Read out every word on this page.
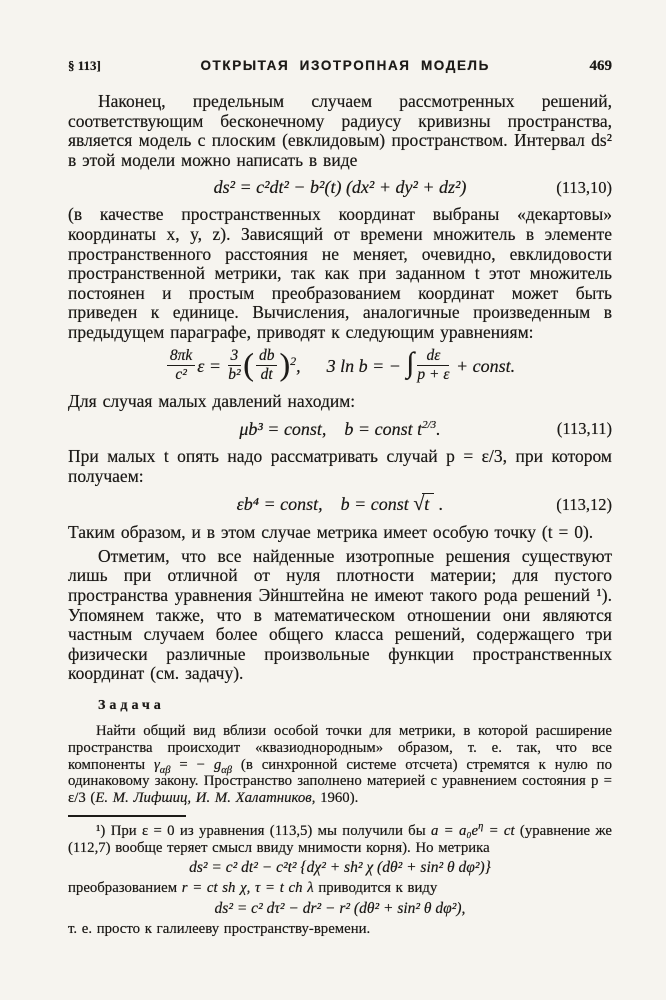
§ 113]	ОТКРЫТАЯ ИЗОТРОПНАЯ МОДЕЛЬ	469

Наконец, предельным случаем рассмотренных решений, соответствующим бесконечному радиусу кривизны пространства, является модель с плоским (евклидовым) пространством. Интервал ds² в этой модели можно написать в виде

ds² = c²dt² − b²(t) (dx² + dy² + dz²)	(113,10)

(в качестве пространственных координат выбраны «декартовы» координаты x, y, z). Зависящий от времени множитель в элементе пространственного расстояния не меняет, очевидно, евклидовости пространственной метрики, так как при заданном t этот множитель постоянен и простым преобразованием координат может быть приведен к единице. Вычисления, аналогичные произведенным в предыдущем параграфе, приводят к следующим уравнениям:

$\frac{8\pi k}{\text{c²}}$ $\varepsilon = \frac{3}{\text{b²}}$ ( $\frac{db}{dt} )^2$, 3 ln b = − ∫ $\frac{d\varepsilon}{p + \varepsilon}$ + const.

Для случая малых давлений находим:

μb³ = const,  b = const $t^{2/3}$.	(113,11)

При малых t опять надо рассматривать случай p = ε/3, при котором получаем:

εb⁴ = const,  b = const √t .	(113,12)

Таким образом, и в этом случае метрика имеет особую точку (t = 0).

Отметим, что все найденные изотропные решения существуют лишь при отличной от нуля плотности материи; для пустого пространства уравнения Эйнштейна не имеют такого рода решений ¹). Упомянем также, что в математическом отношении они являются частным случаем более общего класса решений, содержащего три физически различные произвольные функции пространственных координат (см. задачу).

Задача

Найти общий вид вблизи особой точки для метрики, в которой расширение пространства происходит «квазиоднородным» образом, т. е. так, что все компоненты $\gamma_{\alpha\beta}$ = − $g_{\alpha\beta}$ (в синхронной системе отсчета) стремятся к нулю по одинаковому закону. Пространство заполнено материей с уравнением состояния p = ε/3 (Е. М. Лифшиц, И. М. Халатников, 1960).

¹) При ε = 0 из уравнения (113,5) мы получили бы $a = a_0e^\eta$ = ct (уравнение же (112,7) вообще теряет смысл ввиду мнимости корня). Но метрика

ds² = c² dt² − c²t² {dχ² + sh² χ (dθ² + sin² θ dφ²)}

преобразованием r = ct sh χ, τ = t ch λ приводится к виду

ds² = c² dτ² − dr² − r² (dθ² + sin² θ dφ²),

т. е. просто к галилееву пространству-времени.
